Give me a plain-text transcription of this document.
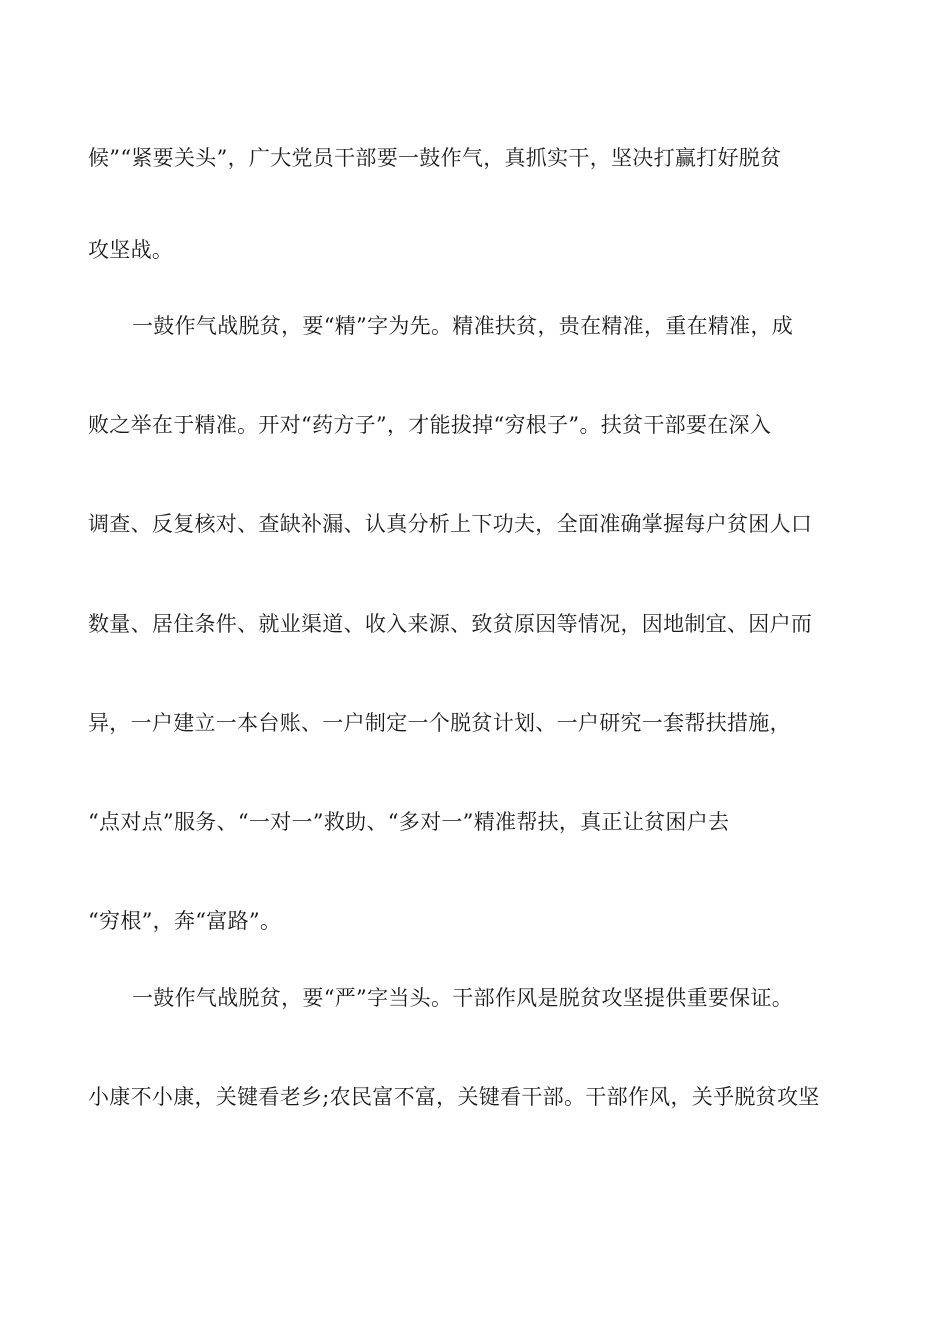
候”“紧要关头”，广大党员干部要一鼓作气，真抓实干，坚决打赢打好脱贫
攻坚战。
一鼓作气战脱贫，要“精”字为先。精准扶贫，贵在精准，重在精准，成
败之举在于精准。开对“药方子”，才能拔掉“穷根子”。扶贫干部要在深入
调查、反复核对、查缺补漏、认真分析上下功夫，全面准确掌握每户贫困人口
数量、居住条件、就业渠道、收入来源、致贫原因等情况，因地制宜、因户而
异，一户建立一本台账、一户制定一个脱贫计划、一户研究一套帮扶措施，
“点对点”服务、“一对一”救助、“多对一”精准帮扶，真正让贫困户去
“穷根”，奔“富路”。
一鼓作气战脱贫，要“严”字当头。干部作风是脱贫攻坚提供重要保证。
小康不小康，关键看老乡;农民富不富，关键看干部。干部作风，关乎脱贫攻坚
